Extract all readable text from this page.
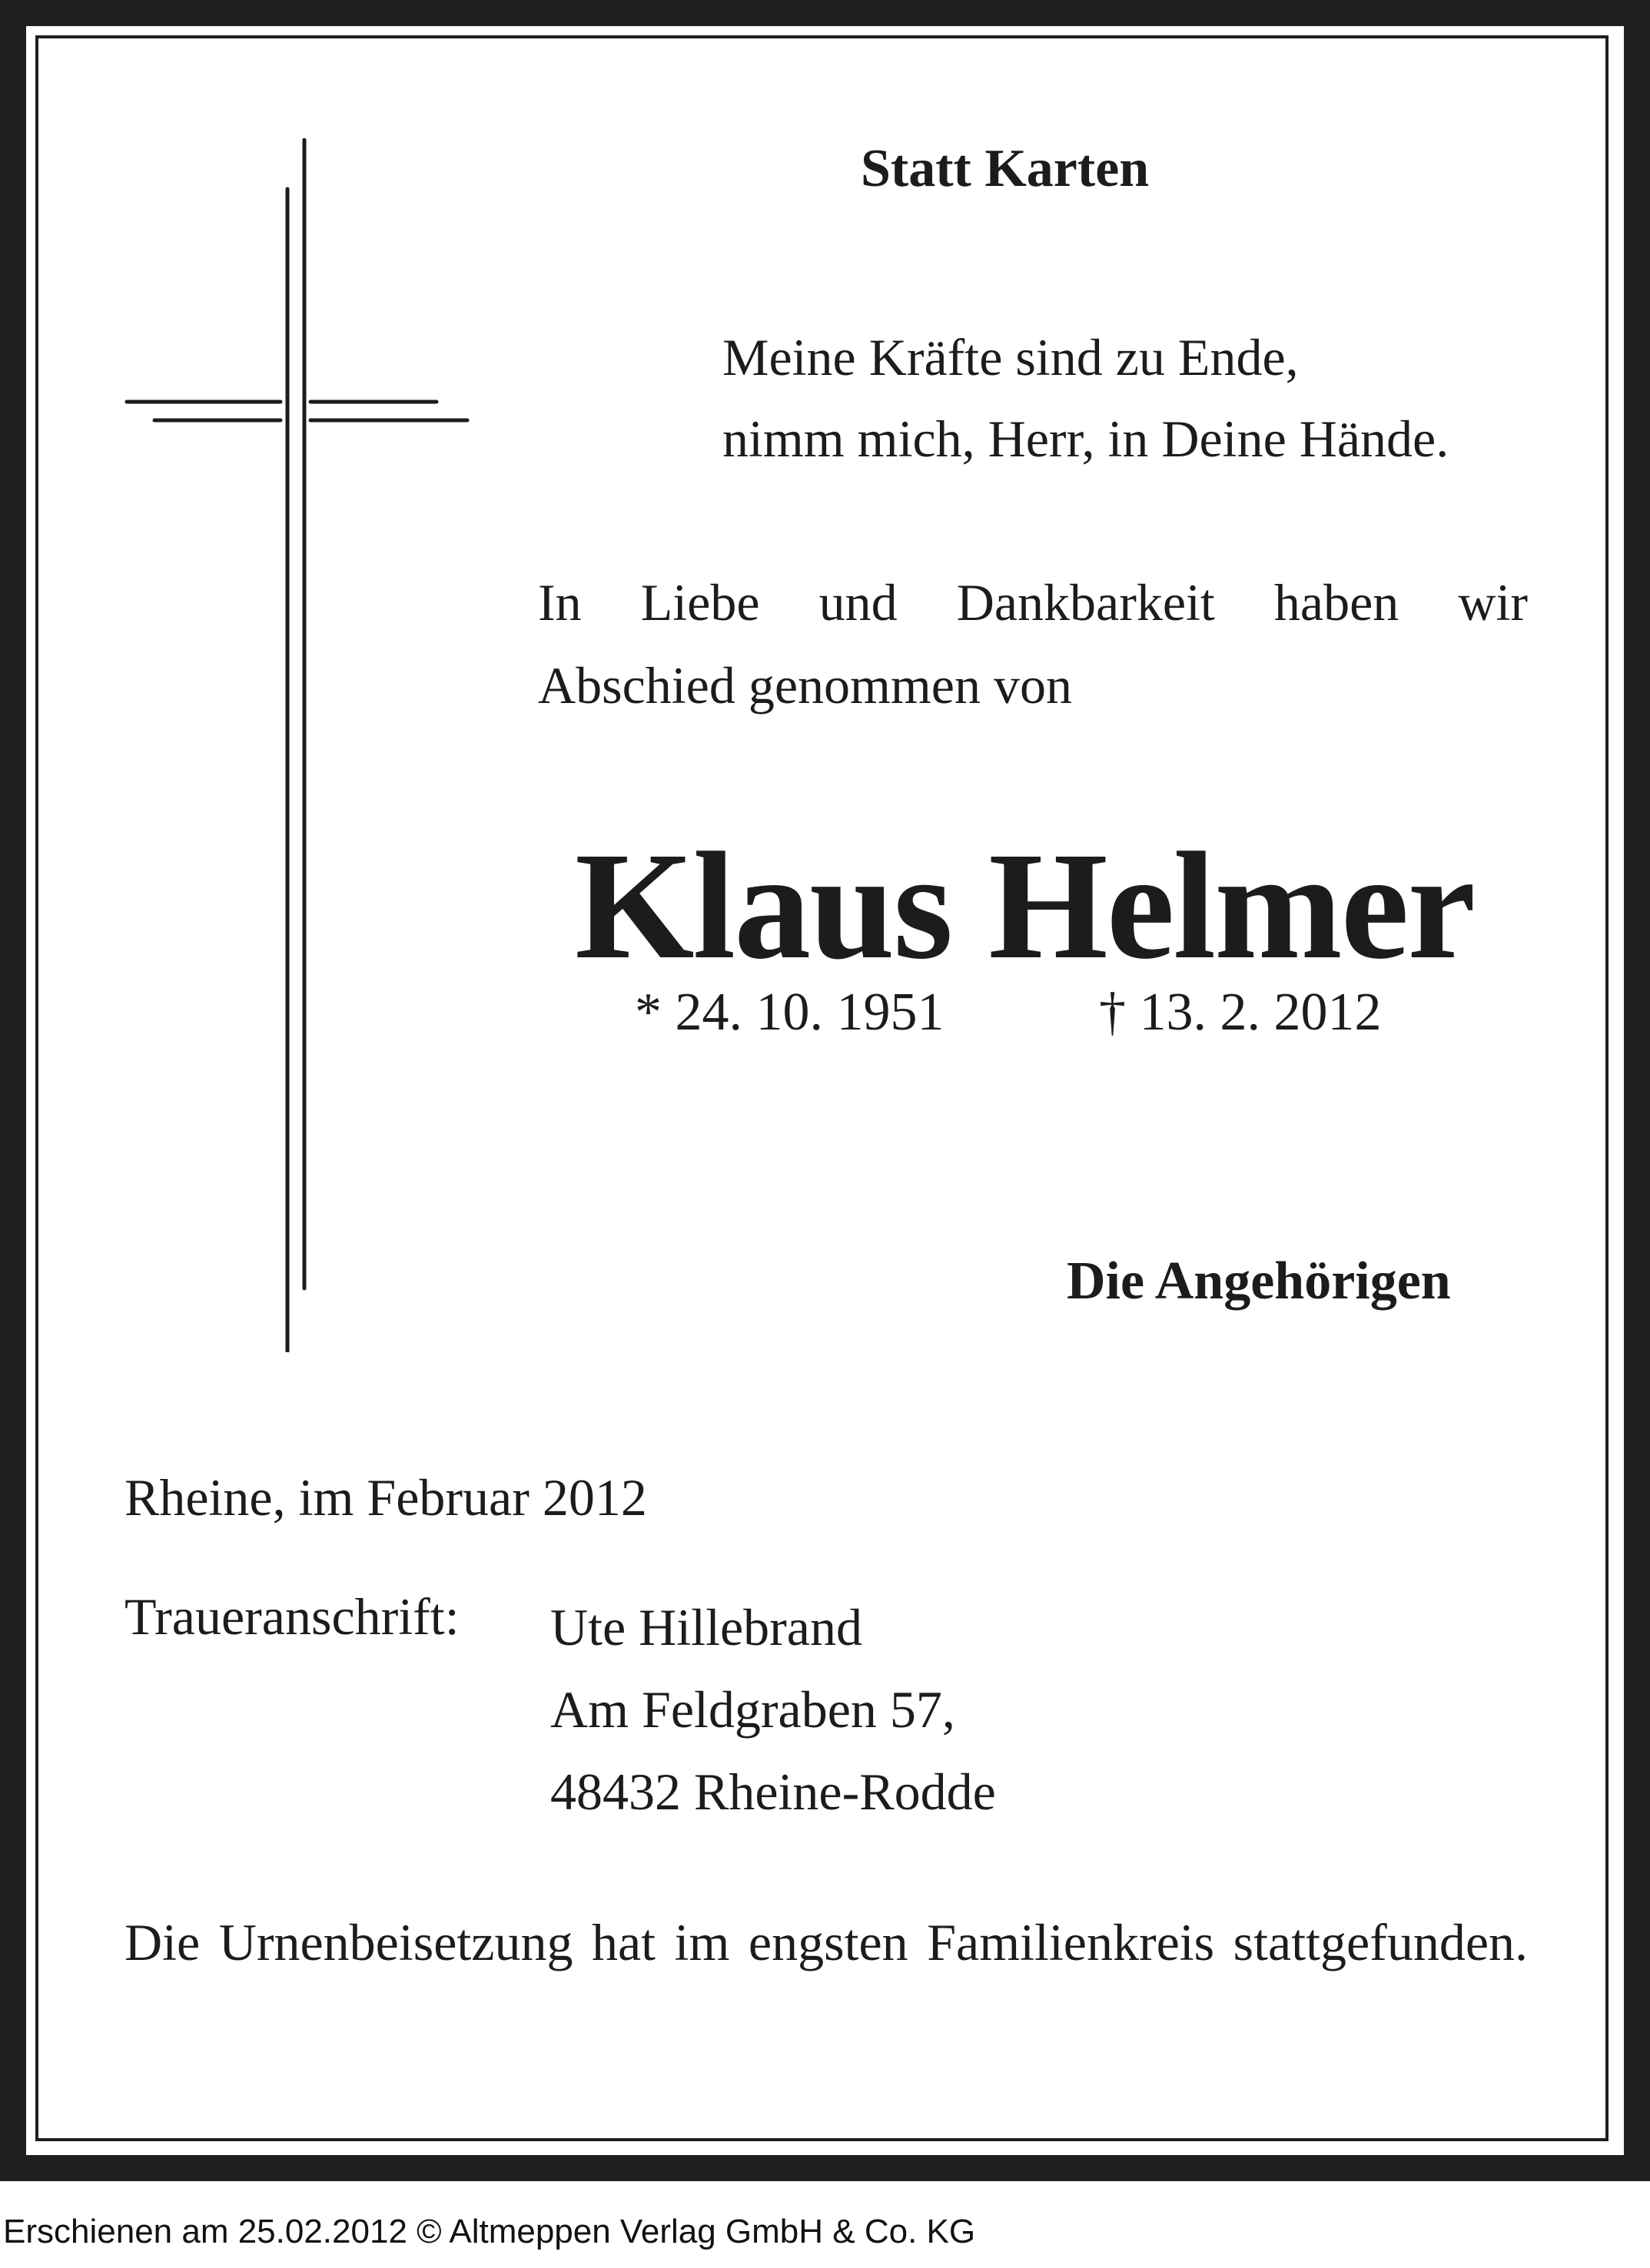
Statt Karten
Meine Kräfte sind zu Ende,
nimm mich, Herr, in Deine Hände.
In Liebe und Dankbarkeit haben wir
Abschied genommen von
Klaus Helmer
* 24. 10. 1951	† 13. 2. 2012
Die Angehörigen
Rheine, im Februar 2012
Traueranschrift: Ute Hillebrand
Am Feldgraben 57,
48432 Rheine-Rodde
Die Urnenbeisetzung hat im engsten Familienkreis stattgefunden.
Erschienen am 25.02.2012 © Altmeppen Verlag GmbH & Co. KG
